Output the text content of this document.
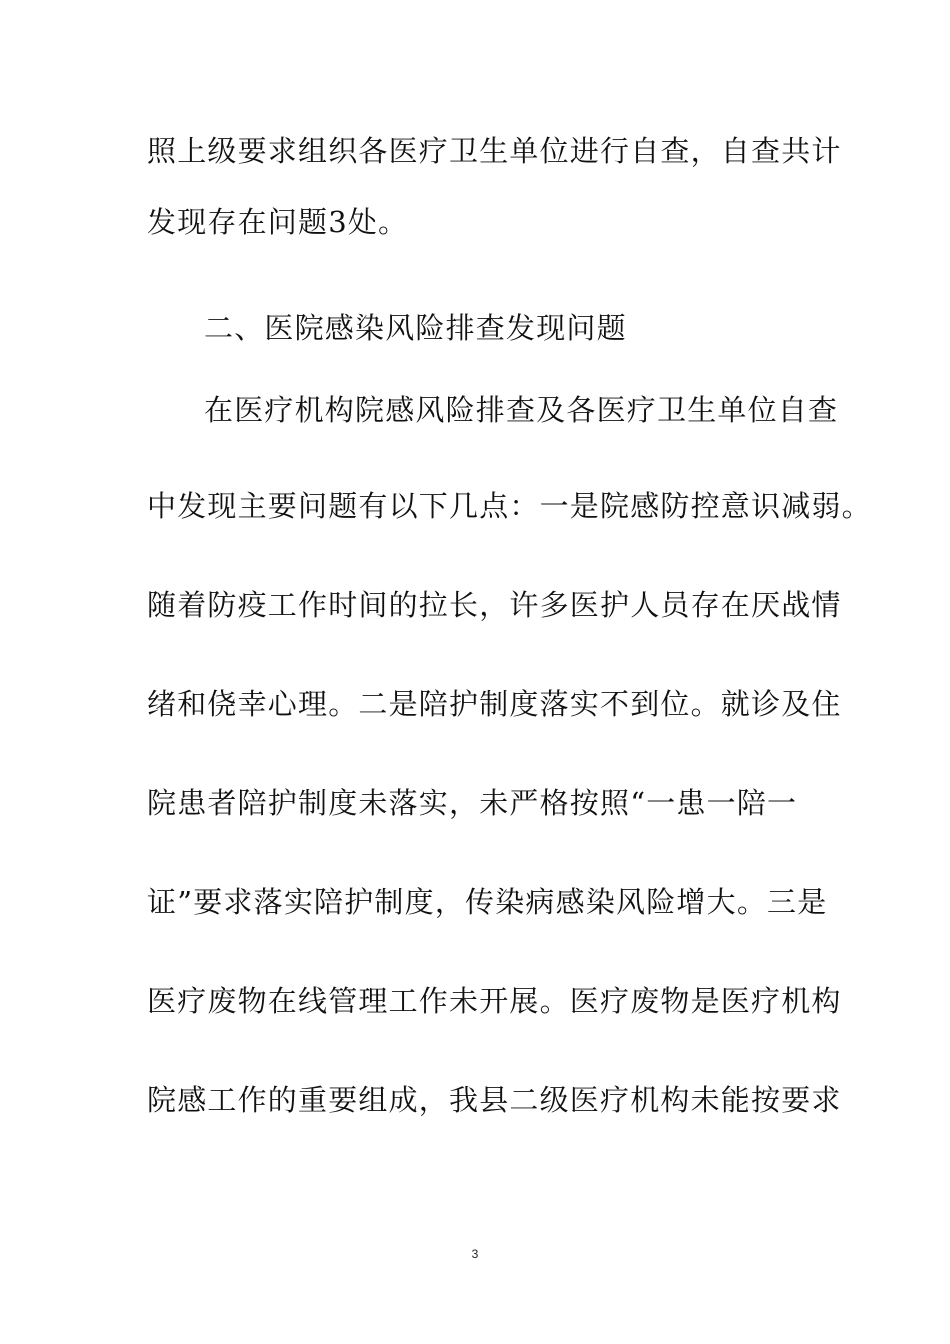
照上级要求组织各医疗卫生单位进行自查，自查共计
发现存在问题3处。
二、医院感染风险排查发现问题
在医疗机构院感风险排查及各医疗卫生单位自查
中发现主要问题有以下几点：一是院感防控意识减弱。
随着防疫工作时间的拉长，许多医护人员存在厌战情
绪和侥幸心理。二是陪护制度落实不到位。就诊及住
院患者陪护制度未落实，未严格按照“一患一陪一
证”要求落实陪护制度，传染病感染风险增大。三是
医疗废物在线管理工作未开展。医疗废物是医疗机构
院感工作的重要组成，我县二级医疗机构未能按要求
3
